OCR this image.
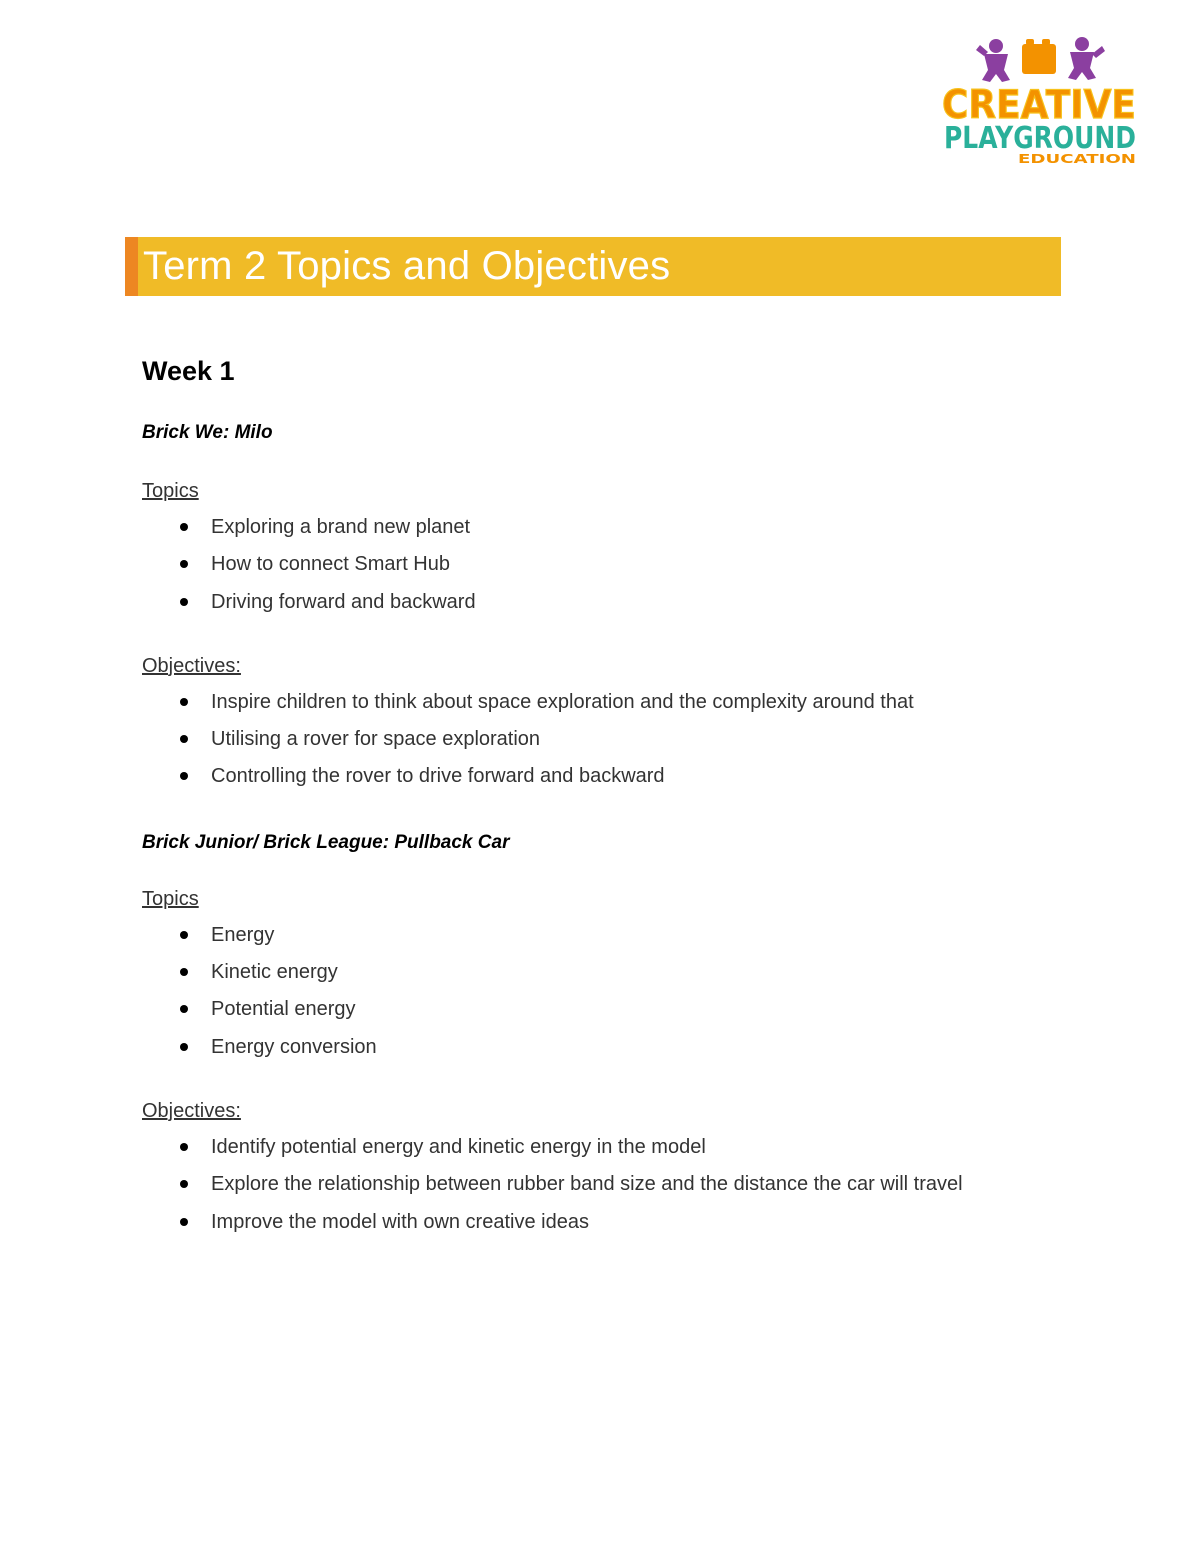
CREATIVE
PLAYGROUND
EDUCATION
Term 2 Topics and Objectives
Week 1

Brick We: Milo

Topics

Exploring a brand new planet
How to connect Smart Hub
Driving forward and backward

Objectives:

Inspire children to think about space exploration and the complexity around that
Utilising a rover for space exploration
Controlling the rover to drive forward and backward

Brick Junior/ Brick League: Pullback Car

Topics

Energy
Kinetic energy
Potential energy
Energy conversion

Objectives:

Identify potential energy and kinetic energy in the model
Explore the relationship between rubber band size and the distance the car will travel
Improve the model with own creative ideas
